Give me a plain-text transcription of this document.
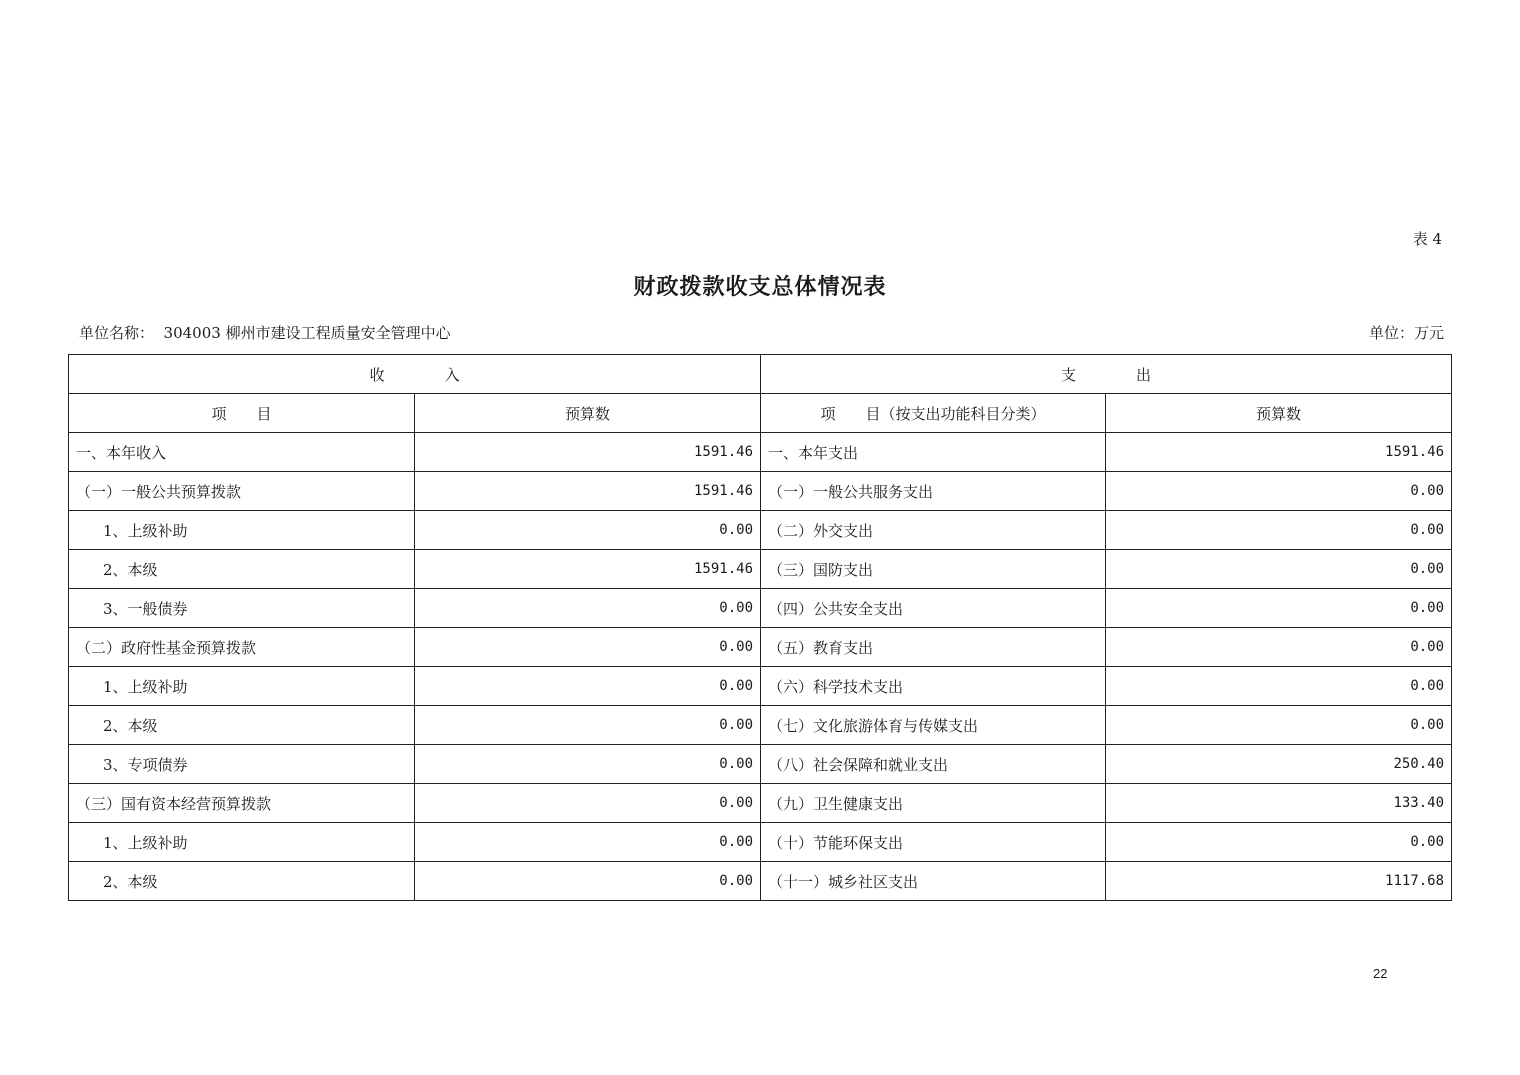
表 4
财政拨款收支总体情况表
单位名称：  304003 柳州市建设工程质量安全管理中心	单位：万元
收　　　　入		支　　　　出	
项　　目	预算数	项　　目（按支出功能科目分类）	预算数
一、本年收入	1591.46	一、本年支出	1591.46
（一）一般公共预算拨款	1591.46	（一）一般公共服务支出	0.00
1、上级补助	0.00	（二）外交支出	0.00
2、本级	1591.46	（三）国防支出	0.00
3、一般债券	0.00	（四）公共安全支出	0.00
（二）政府性基金预算拨款	0.00	（五）教育支出	0.00
1、上级补助	0.00	（六）科学技术支出	0.00
2、本级	0.00	（七）文化旅游体育与传媒支出	0.00
3、专项债券	0.00	（八）社会保障和就业支出	250.40
（三）国有资本经营预算拨款	0.00	（九）卫生健康支出	133.40
1、上级补助	0.00	（十）节能环保支出	0.00
2、本级	0.00	（十一）城乡社区支出	1117.68
22
